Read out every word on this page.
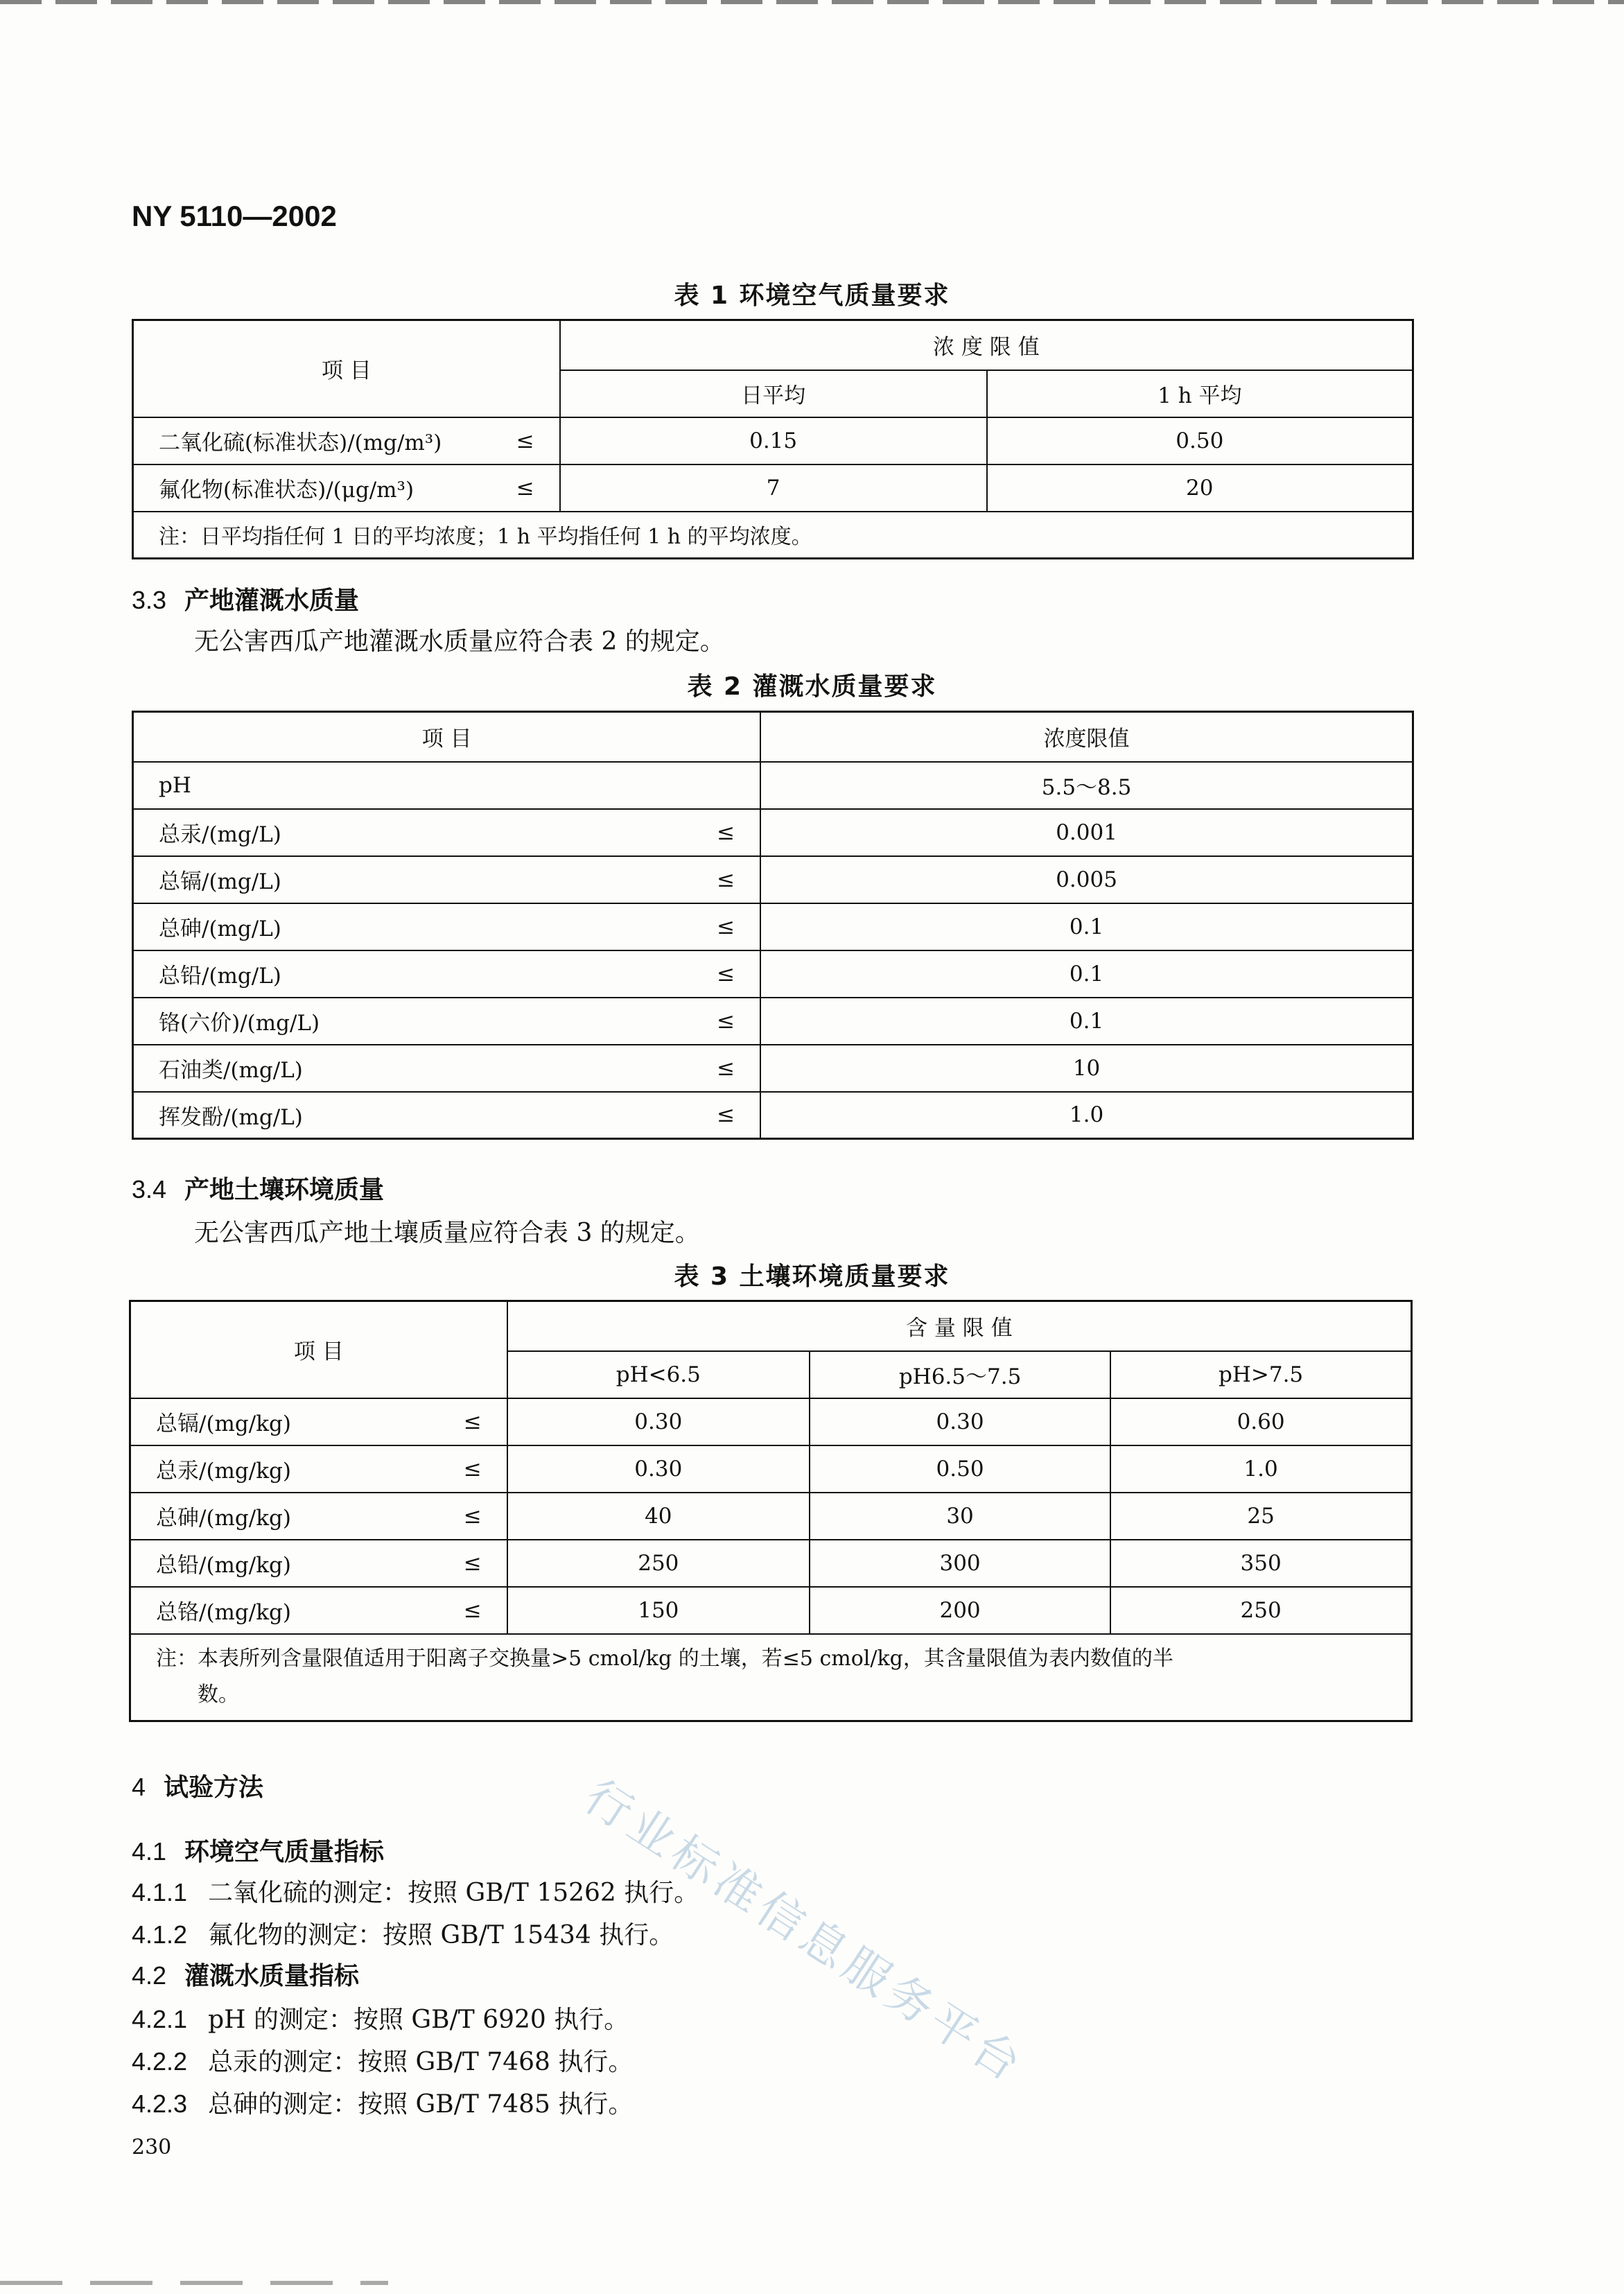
NY 5110—2002
表 1 环境空气质量要求
项 目	浓 度 限 值	
	日平均	1 h 平均
二氧化硫(标准状态)/(mg/m³) ≤	0.15	0.50
氟化物(标准状态)/(μg/m³) ≤	7	20
注：日平均指任何 1 日的平均浓度；1 h 平均指任何 1 h 的平均浓度。		
3.3 产地灌溉水质量
无公害西瓜产地灌溉水质量应符合表 2 的规定。
表 2 灌溉水质量要求
项 目	浓度限值
pH	5.5～8.5
总汞/(mg/L) ≤	0.001
总镉/(mg/L) ≤	0.005
总砷/(mg/L) ≤	0.1
总铅/(mg/L) ≤	0.1
铬(六价)/(mg/L) ≤	0.1
石油类/(mg/L) ≤	10
挥发酚/(mg/L) ≤	1.0
3.4 产地土壤环境质量
无公害西瓜产地土壤质量应符合表 3 的规定。
表 3 土壤环境质量要求
项 目	含 量 限 值		
	pH<6.5	pH6.5～7.5	pH>7.5
总镉/(mg/kg) ≤	0.30	0.30	0.60
总汞/(mg/kg) ≤	0.30	0.50	1.0
总砷/(mg/kg) ≤	40	30	25
总铅/(mg/kg) ≤	250	300	350
总铬/(mg/kg) ≤	150	200	250

注：本表所列含量限值适用于阳离子交换量>5 cmol/kg 的土壤，若≤5 cmol/kg，其含量限值为表内数值的半
数。			
4 试验方法
4.1 环境空气质量指标
4.1.1 二氧化硫的测定：按照 GB/T 15262 执行。
4.1.2 氟化物的测定：按照 GB/T 15434 执行。
4.2 灌溉水质量指标
4.2.1 pH 的测定：按照 GB/T 6920 执行。
4.2.2 总汞的测定：按照 GB/T 7468 执行。
4.2.3 总砷的测定：按照 GB/T 7485 执行。
行业标准信息服务平台
230
